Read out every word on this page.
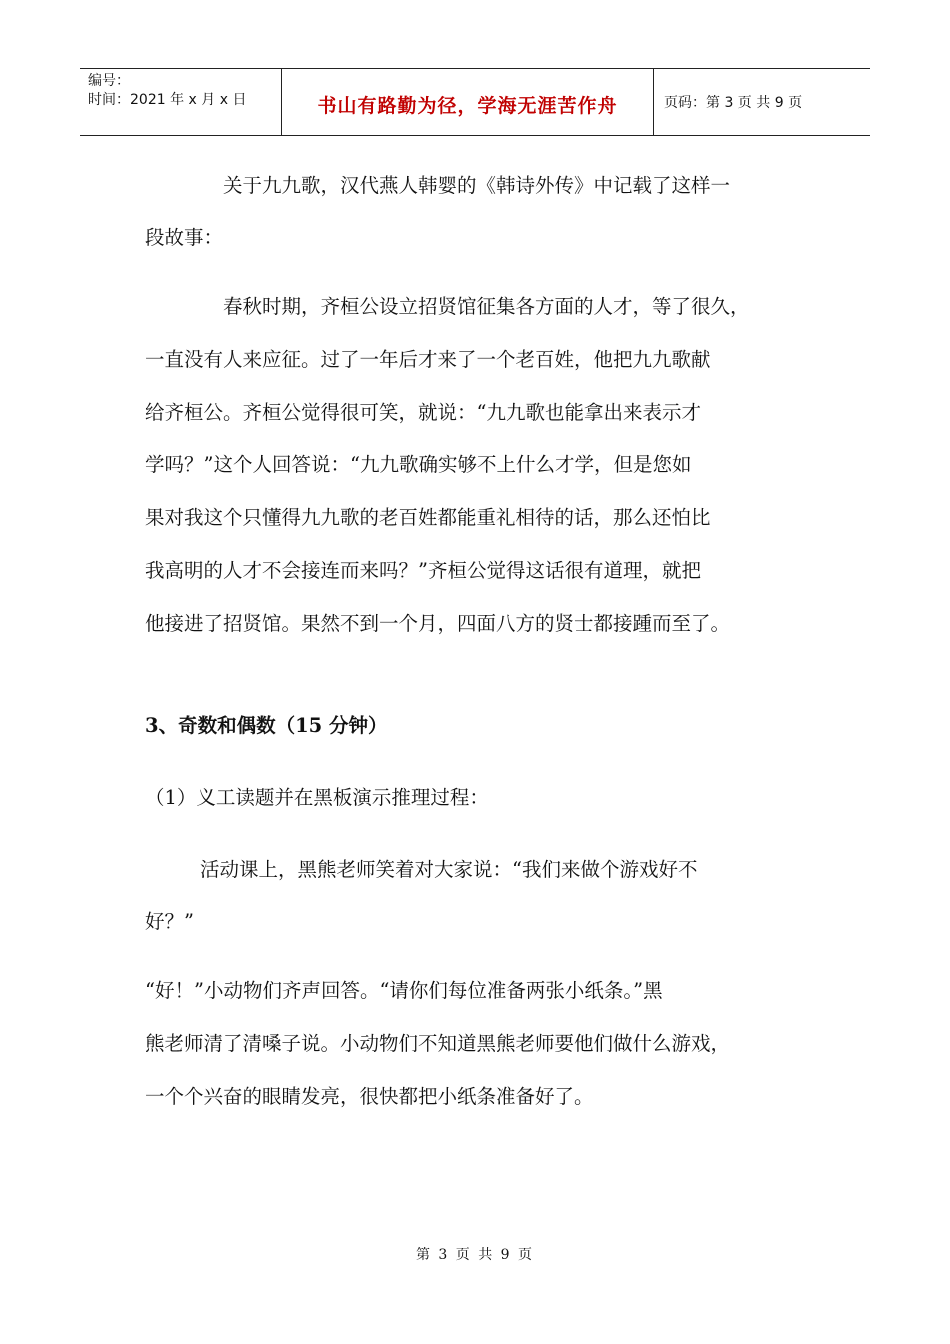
编号：
时间：2021 年 x 月 x 日	书山有路勤为径，学海无涯苦作舟	页码：第 3 页 共 9 页
关于九九歌，汉代燕人韩婴的《韩诗外传》中记载了这样一
段故事：
春秋时期，齐桓公设立招贤馆征集各方面的人才，等了很久，
一直没有人来应征。过了一年后才来了一个老百姓，他把九九歌献
给齐桓公。齐桓公觉得很可笑，就说：“九九歌也能拿出来表示才
学吗？”这个人回答说：“九九歌确实够不上什么才学，但是您如
果对我这个只懂得九九歌的老百姓都能重礼相待的话，那么还怕比
我高明的人才不会接连而来吗？”齐桓公觉得这话很有道理，就把
他接进了招贤馆。果然不到一个月，四面八方的贤士都接踵而至了。
3、奇数和偶数（15 分钟）
（1）义工读题并在黑板演示推理过程：
活动课上，黑熊老师笑着对大家说：“我们来做个游戏好不
好？”
“好！”小动物们齐声回答。“请你们每位准备两张小纸条。”黑
熊老师清了清嗓子说。小动物们不知道黑熊老师要他们做什么游戏，
一个个兴奋的眼睛发亮，很快都把小纸条准备好了。
第 3 页 共 9 页
